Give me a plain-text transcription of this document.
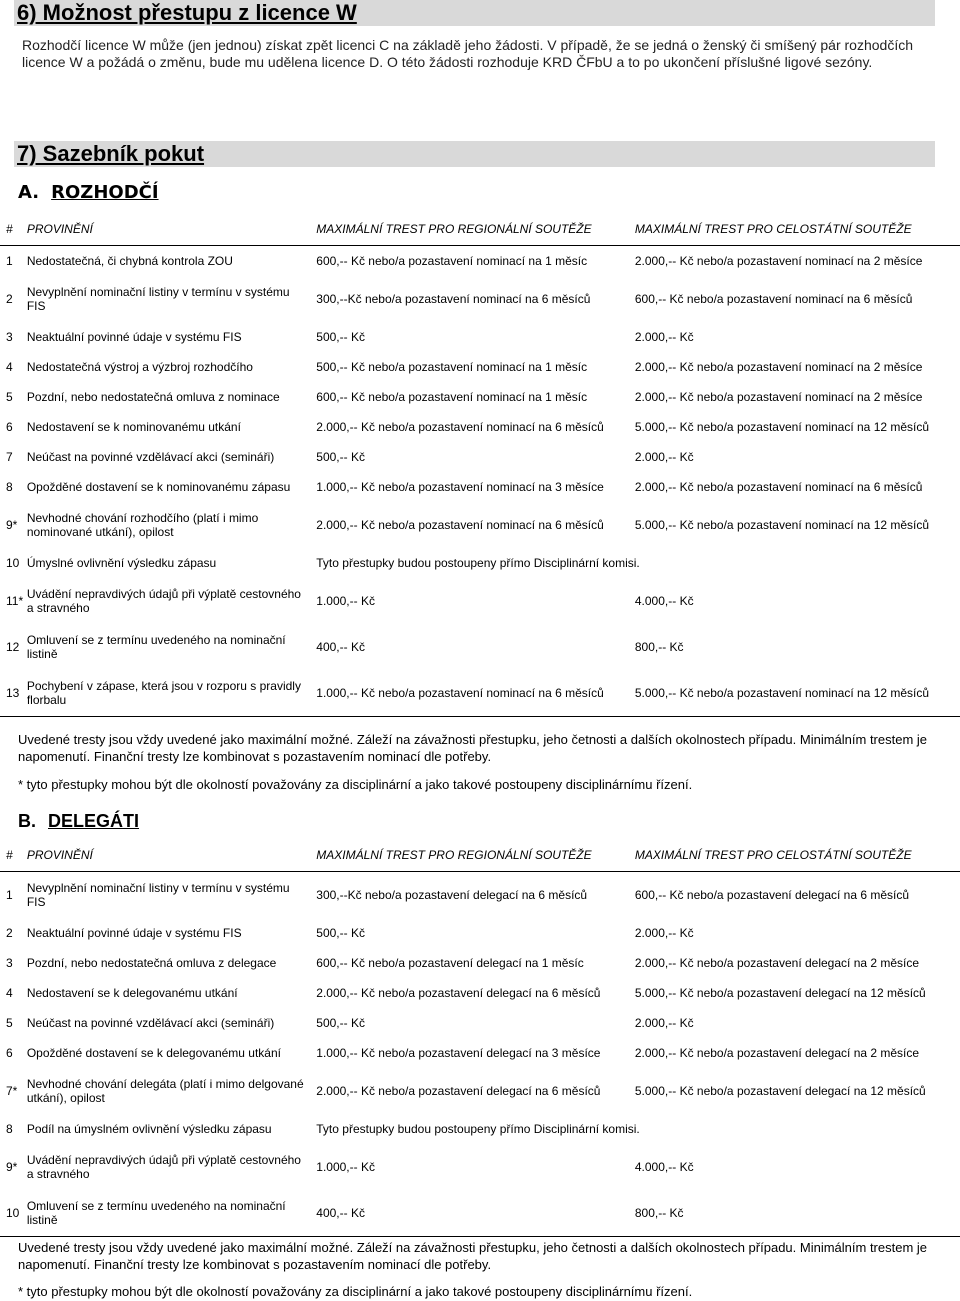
6) Možnost přestupu z licence W
Rozhodčí licence W může (jen jednou) získat zpět licenci C na základě jeho žádosti. V případě, že se jedná o ženský či smíšený pár rozhodčích licence W a požádá o změnu, bude mu udělena licence D. O této žádosti rozhoduje KRD ČFbU a to po ukončení příslušné ligové sezóny.
7) Sazebník pokut
A. ROZHODČÍ
#	PROVINĚNÍ	MAXIMÁLNÍ TREST PRO REGIONÁLNÍ SOUTĚŽE	MAXIMÁLNÍ TREST PRO CELOSTÁTNÍ SOUTĚŽE
1	Nedostatečná, či chybná kontrola ZOU	600,-- Kč nebo/a pozastavení nominací na 1 měsíc	2.000,-- Kč nebo/a pozastavení nominací na 2 měsíce
2	Nevyplnění nominační listiny v termínu v systému FIS	300,--Kč nebo/a pozastavení nominací na 6 měsíců	600,-- Kč nebo/a pozastavení nominací na 6 měsíců
3	Neaktuální povinné údaje v systému FIS	500,-- Kč	2.000,-- Kč
4	Nedostatečná výstroj a výzbroj rozhodčího	500,-- Kč nebo/a pozastavení nominací na 1 měsíc	2.000,-- Kč nebo/a pozastavení nominací na 2 měsíce
5	Pozdní, nebo nedostatečná omluva z nominace	600,-- Kč nebo/a pozastavení nominací na 1 měsíc	2.000,-- Kč nebo/a pozastavení nominací na 2 měsíce
6	Nedostavení se k nominovanému utkání	2.000,-- Kč nebo/a pozastavení nominací na 6 měsíců	5.000,-- Kč nebo/a pozastavení nominací na 12 měsíců
7	Neúčast na povinné vzdělávací akci (semináři)	500,-- Kč	2.000,-- Kč
8	Opožděné dostavení se k nominovanému zápasu	1.000,-- Kč nebo/a pozastavení nominací na 3 měsíce	2.000,-- Kč nebo/a pozastavení nominací na 6 měsíců
9*	Nevhodné chování rozhodčího (platí i mimo nominované utkání), opilost	2.000,-- Kč nebo/a pozastavení nominací na 6 měsíců	5.000,-- Kč nebo/a pozastavení nominací na 12 měsíců
10	Úmyslné ovlivnění výsledku zápasu	Tyto přestupky budou postoupeny přímo Disciplinární komisi.	
11*	Uvádění nepravdivých údajů při výplatě cestovného a stravného	1.000,-- Kč	4.000,-- Kč
12	Omluvení se z termínu uvedeného na nominační listině	400,-- Kč	800,-- Kč
13	Pochybení v zápase, která jsou v rozporu s pravidly florbalu	1.000,-- Kč nebo/a pozastavení nominací na 6 měsíců	5.000,-- Kč nebo/a pozastavení nominací na 12 měsíců
Uvedené tresty jsou vždy uvedené jako maximální možné. Záleží na závažnosti přestupku, jeho četnosti a dalších okolnostech případu. Minimálním trestem je napomenutí. Finanční tresty lze kombinovat s pozastavením nominací dle potřeby.
* tyto přestupky mohou být dle okolností považovány za disciplinární a jako takové postoupeny disciplinárnímu řízení.
B. DELEGÁTI
#	PROVINĚNÍ	MAXIMÁLNÍ TREST PRO REGIONÁLNÍ SOUTĚŽE	MAXIMÁLNÍ TREST PRO CELOSTÁTNÍ SOUTĚŽE
1	Nevyplnění nominační listiny v termínu v systému FIS	300,--Kč nebo/a pozastavení delegací na 6 měsíců	600,-- Kč nebo/a pozastavení delegací na 6 měsíců
2	Neaktuální povinné údaje v systému FIS	500,-- Kč	2.000,-- Kč
3	Pozdní, nebo nedostatečná omluva z delegace	600,-- Kč nebo/a pozastavení delegací na 1 měsíc	2.000,-- Kč nebo/a pozastavení delegací na 2 měsíce
4	Nedostavení se k delegovanému utkání	2.000,-- Kč nebo/a pozastavení delegací na 6 měsíců	5.000,-- Kč nebo/a pozastavení delegací na 12 měsíců
5	Neúčast na povinné vzdělávací akci (semináři)	500,-- Kč	2.000,-- Kč
6	Opožděné dostavení se k delegovanému utkání	1.000,-- Kč nebo/a pozastavení delegací na 3 měsíce	2.000,-- Kč nebo/a pozastavení delegací na 2 měsíce
7*	Nevhodné chování delegáta (platí i mimo delgované utkání), opilost	2.000,-- Kč nebo/a pozastavení delegací na 6 měsíců	5.000,-- Kč nebo/a pozastavení delegací na 12 měsíců
8	Podíl na úmyslném ovlivnění výsledku zápasu	Tyto přestupky budou postoupeny přímo Disciplinární komisi.	
9*	Uvádění nepravdivých údajů při výplatě cestovného a stravného	1.000,-- Kč	4.000,-- Kč
10	Omluvení se z termínu uvedeného na nominační listině	400,-- Kč	800,-- Kč
Uvedené tresty jsou vždy uvedené jako maximální možné. Záleží na závažnosti přestupku, jeho četnosti a dalších okolnostech případu. Minimálním trestem je napomenutí. Finanční tresty lze kombinovat s pozastavením nominací dle potřeby.
* tyto přestupky mohou být dle okolností považovány za disciplinární a jako takové postoupeny disciplinárnímu řízení.
